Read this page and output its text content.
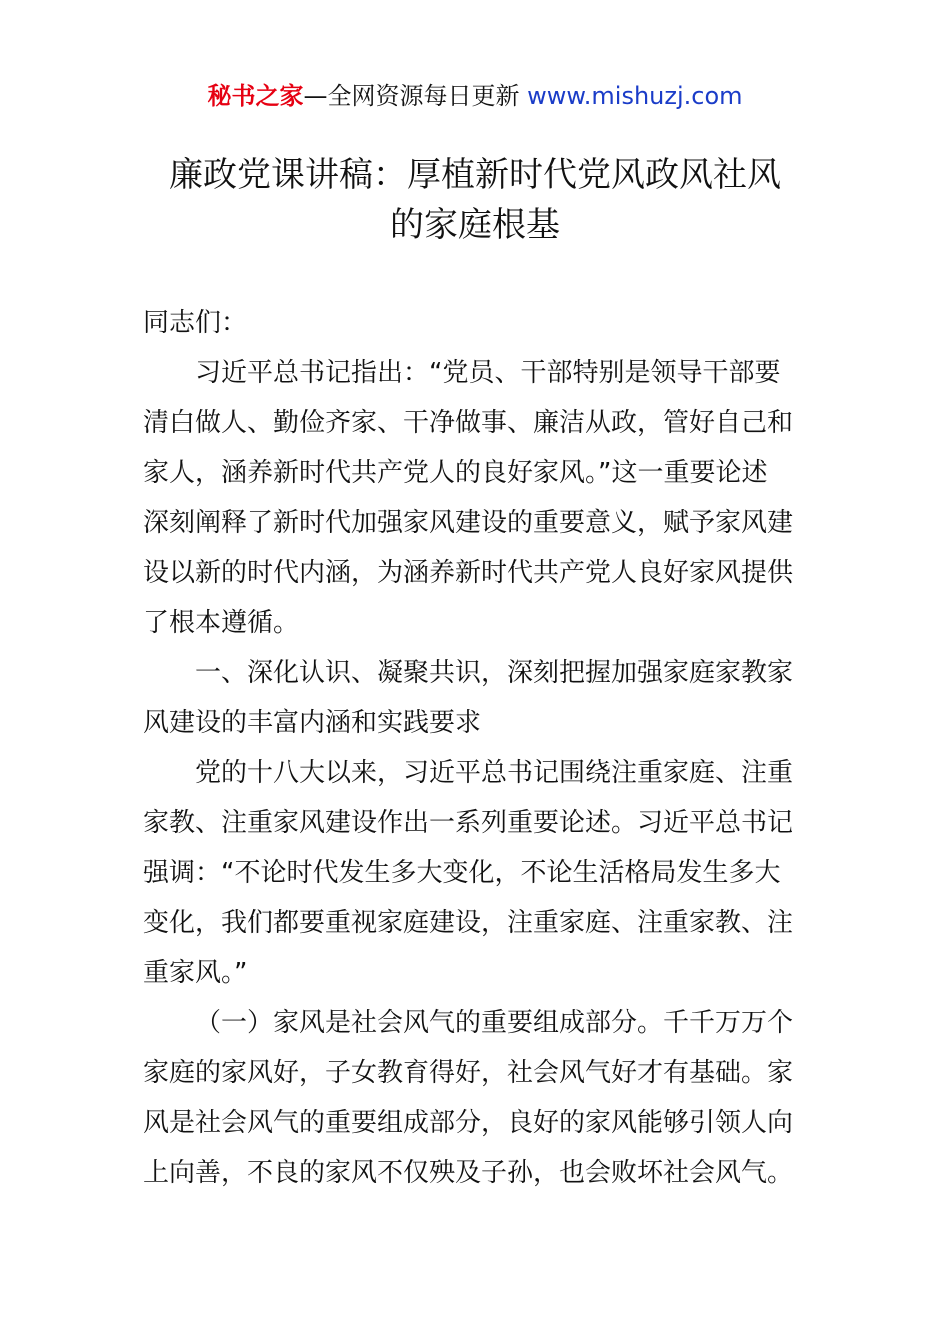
秘书之家—全网资源每日更新 www.mishuzj.com
廉政党课讲稿：厚植新时代党风政风社风
的家庭根基
同志们：
习近平总书记指出：“党员、干部特别是领导干部要
清白做人、勤俭齐家、干净做事、廉洁从政，管好自己和
家人，涵养新时代共产党人的良好家风。”这一重要论述
深刻阐释了新时代加强家风建设的重要意义，赋予家风建
设以新的时代内涵，为涵养新时代共产党人良好家风提供
了根本遵循。
一、深化认识、凝聚共识，深刻把握加强家庭家教家
风建设的丰富内涵和实践要求
党的十八大以来，习近平总书记围绕注重家庭、注重
家教、注重家风建设作出一系列重要论述。习近平总书记
强调：“不论时代发生多大变化，不论生活格局发生多大
变化，我们都要重视家庭建设，注重家庭、注重家教、注
重家风。”
（一）家风是社会风气的重要组成部分。千千万万个
家庭的家风好，子女教育得好，社会风气好才有基础。家
风是社会风气的重要组成部分，良好的家风能够引领人向
上向善，不良的家风不仅殃及子孙，也会败坏社会风气。
